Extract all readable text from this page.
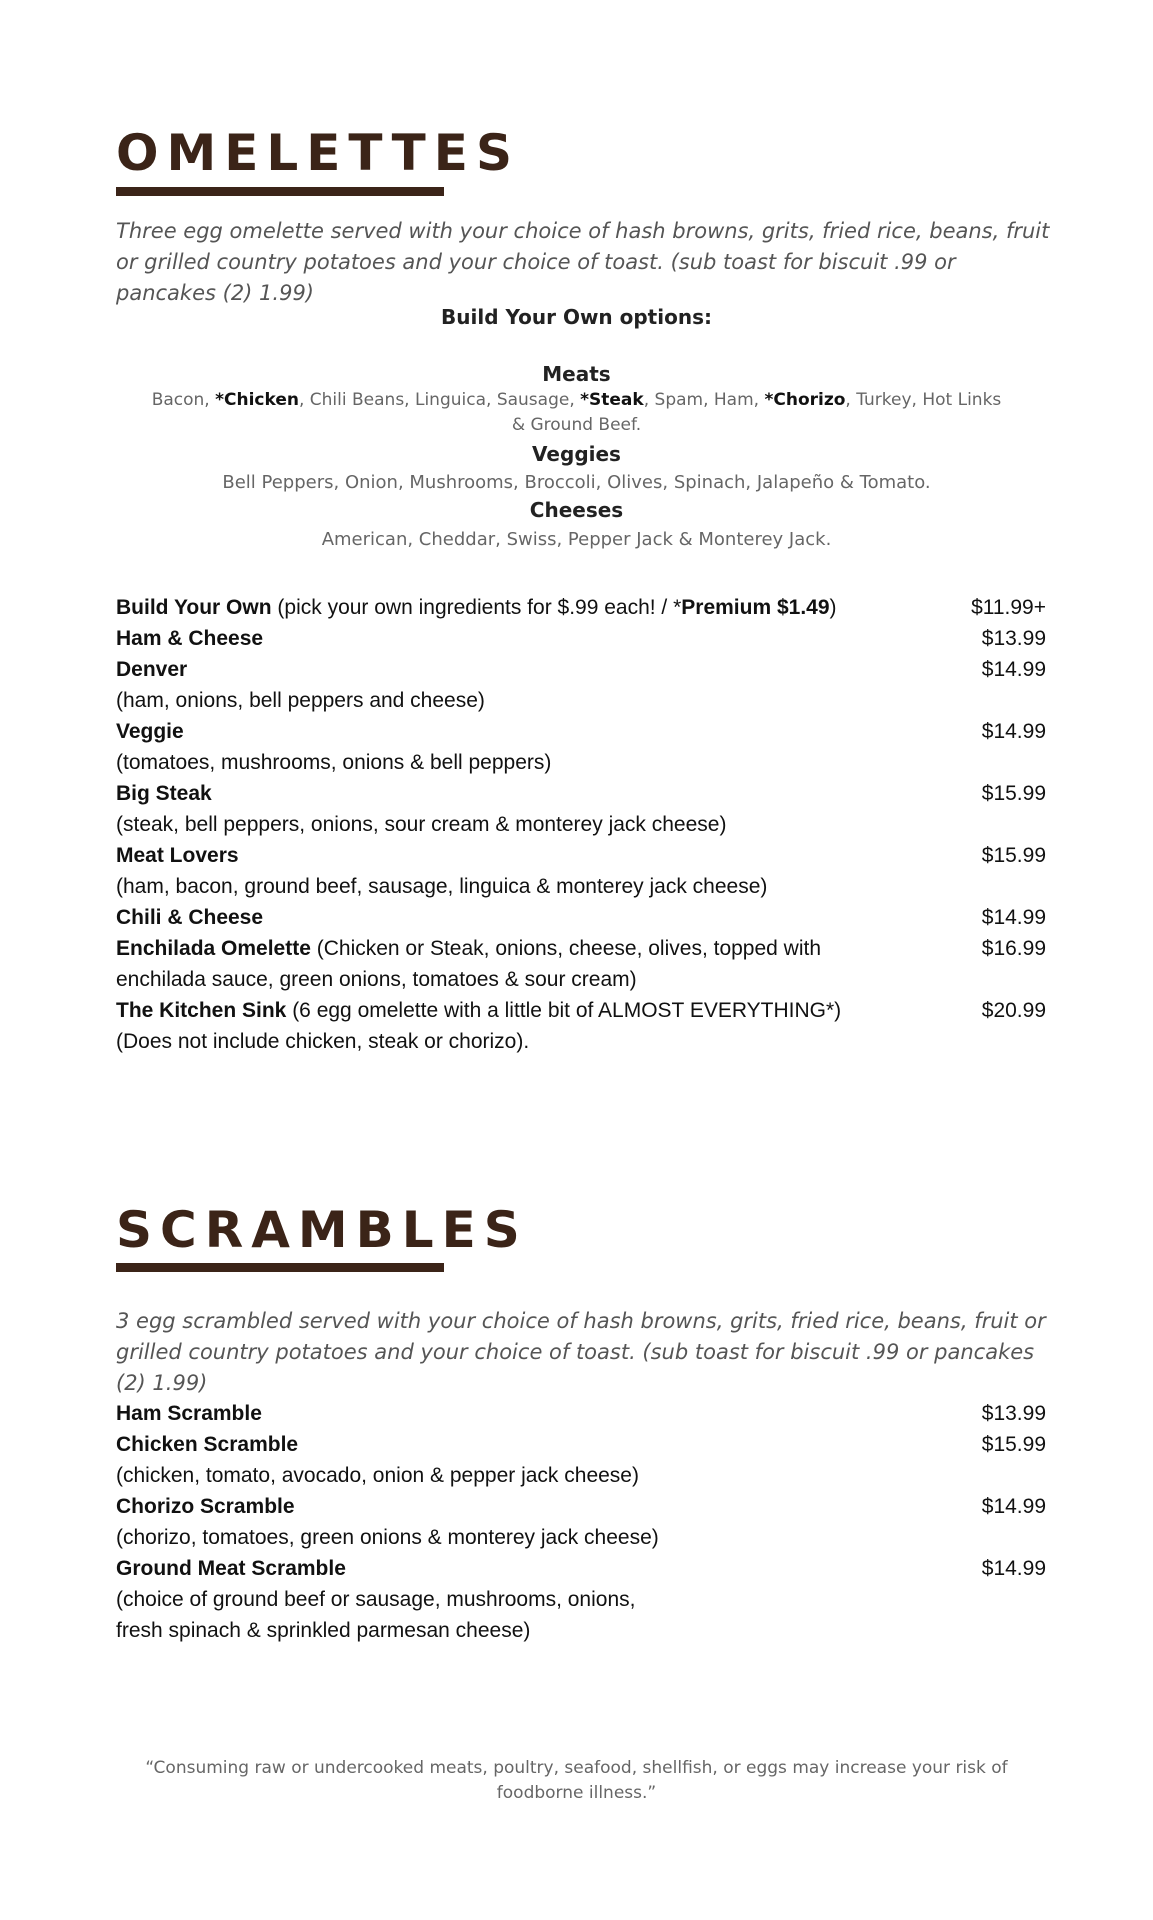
OMELETTES

Three egg omelette served with your choice of hash browns, grits, fried rice, beans, fruit or grilled country potatoes and your choice of toast. (sub toast for biscuit .99 or pancakes (2) 1.99)

Build Your Own options:

Meats

Bacon, *Chicken, Chili Beans, Linguica, Sausage, *Steak, Spam, Ham, *Chorizo, Turkey, Hot Links
& Ground Beef.

Veggies

Bell Peppers, Onion, Mushrooms, Broccoli, Olives, Spinach, Jalapeño & Tomato.

Cheeses

American, Cheddar, Swiss, Pepper Jack & Monterey Jack.

Build Your Own (pick your own ingredients for $.99 each! / *Premium $1.49)	$11.99+
Ham & Cheese	$13.99
Denver	$14.99

(ham, onions, bell peppers and cheese)

Veggie	$14.99

(tomatoes, mushrooms, onions & bell peppers)

Big Steak	$15.99

(steak, bell peppers, onions, sour cream & monterey jack cheese)

Meat Lovers	$15.99

(ham, bacon, ground beef, sausage, linguica & monterey jack cheese)

Chili & Cheese	$14.99
Enchilada Omelette (Chicken or Steak, onions, cheese, olives, topped with	$16.99

enchilada sauce, green onions, tomatoes & sour cream)

The Kitchen Sink (6 egg omelette with a little bit of ALMOST EVERYTHING*)	$20.99

(Does not include chicken, steak or chorizo).

SCRAMBLES

3 egg scrambled served with your choice of hash browns, grits, fried rice, beans, fruit or grilled country potatoes and your choice of toast. (sub toast for biscuit .99 or pancakes (2) 1.99)

Ham Scramble	$13.99
Chicken Scramble	$15.99

(chicken, tomato, avocado, onion & pepper jack cheese)

Chorizo Scramble	$14.99

(chorizo, tomatoes, green onions & monterey jack cheese)

Ground Meat Scramble	$14.99

(choice of ground beef or sausage, mushrooms, onions,
fresh spinach & sprinkled parmesan cheese)

“Consuming raw or undercooked meats, poultry, seafood, shellfish, or eggs may increase your risk of
foodborne illness.”
